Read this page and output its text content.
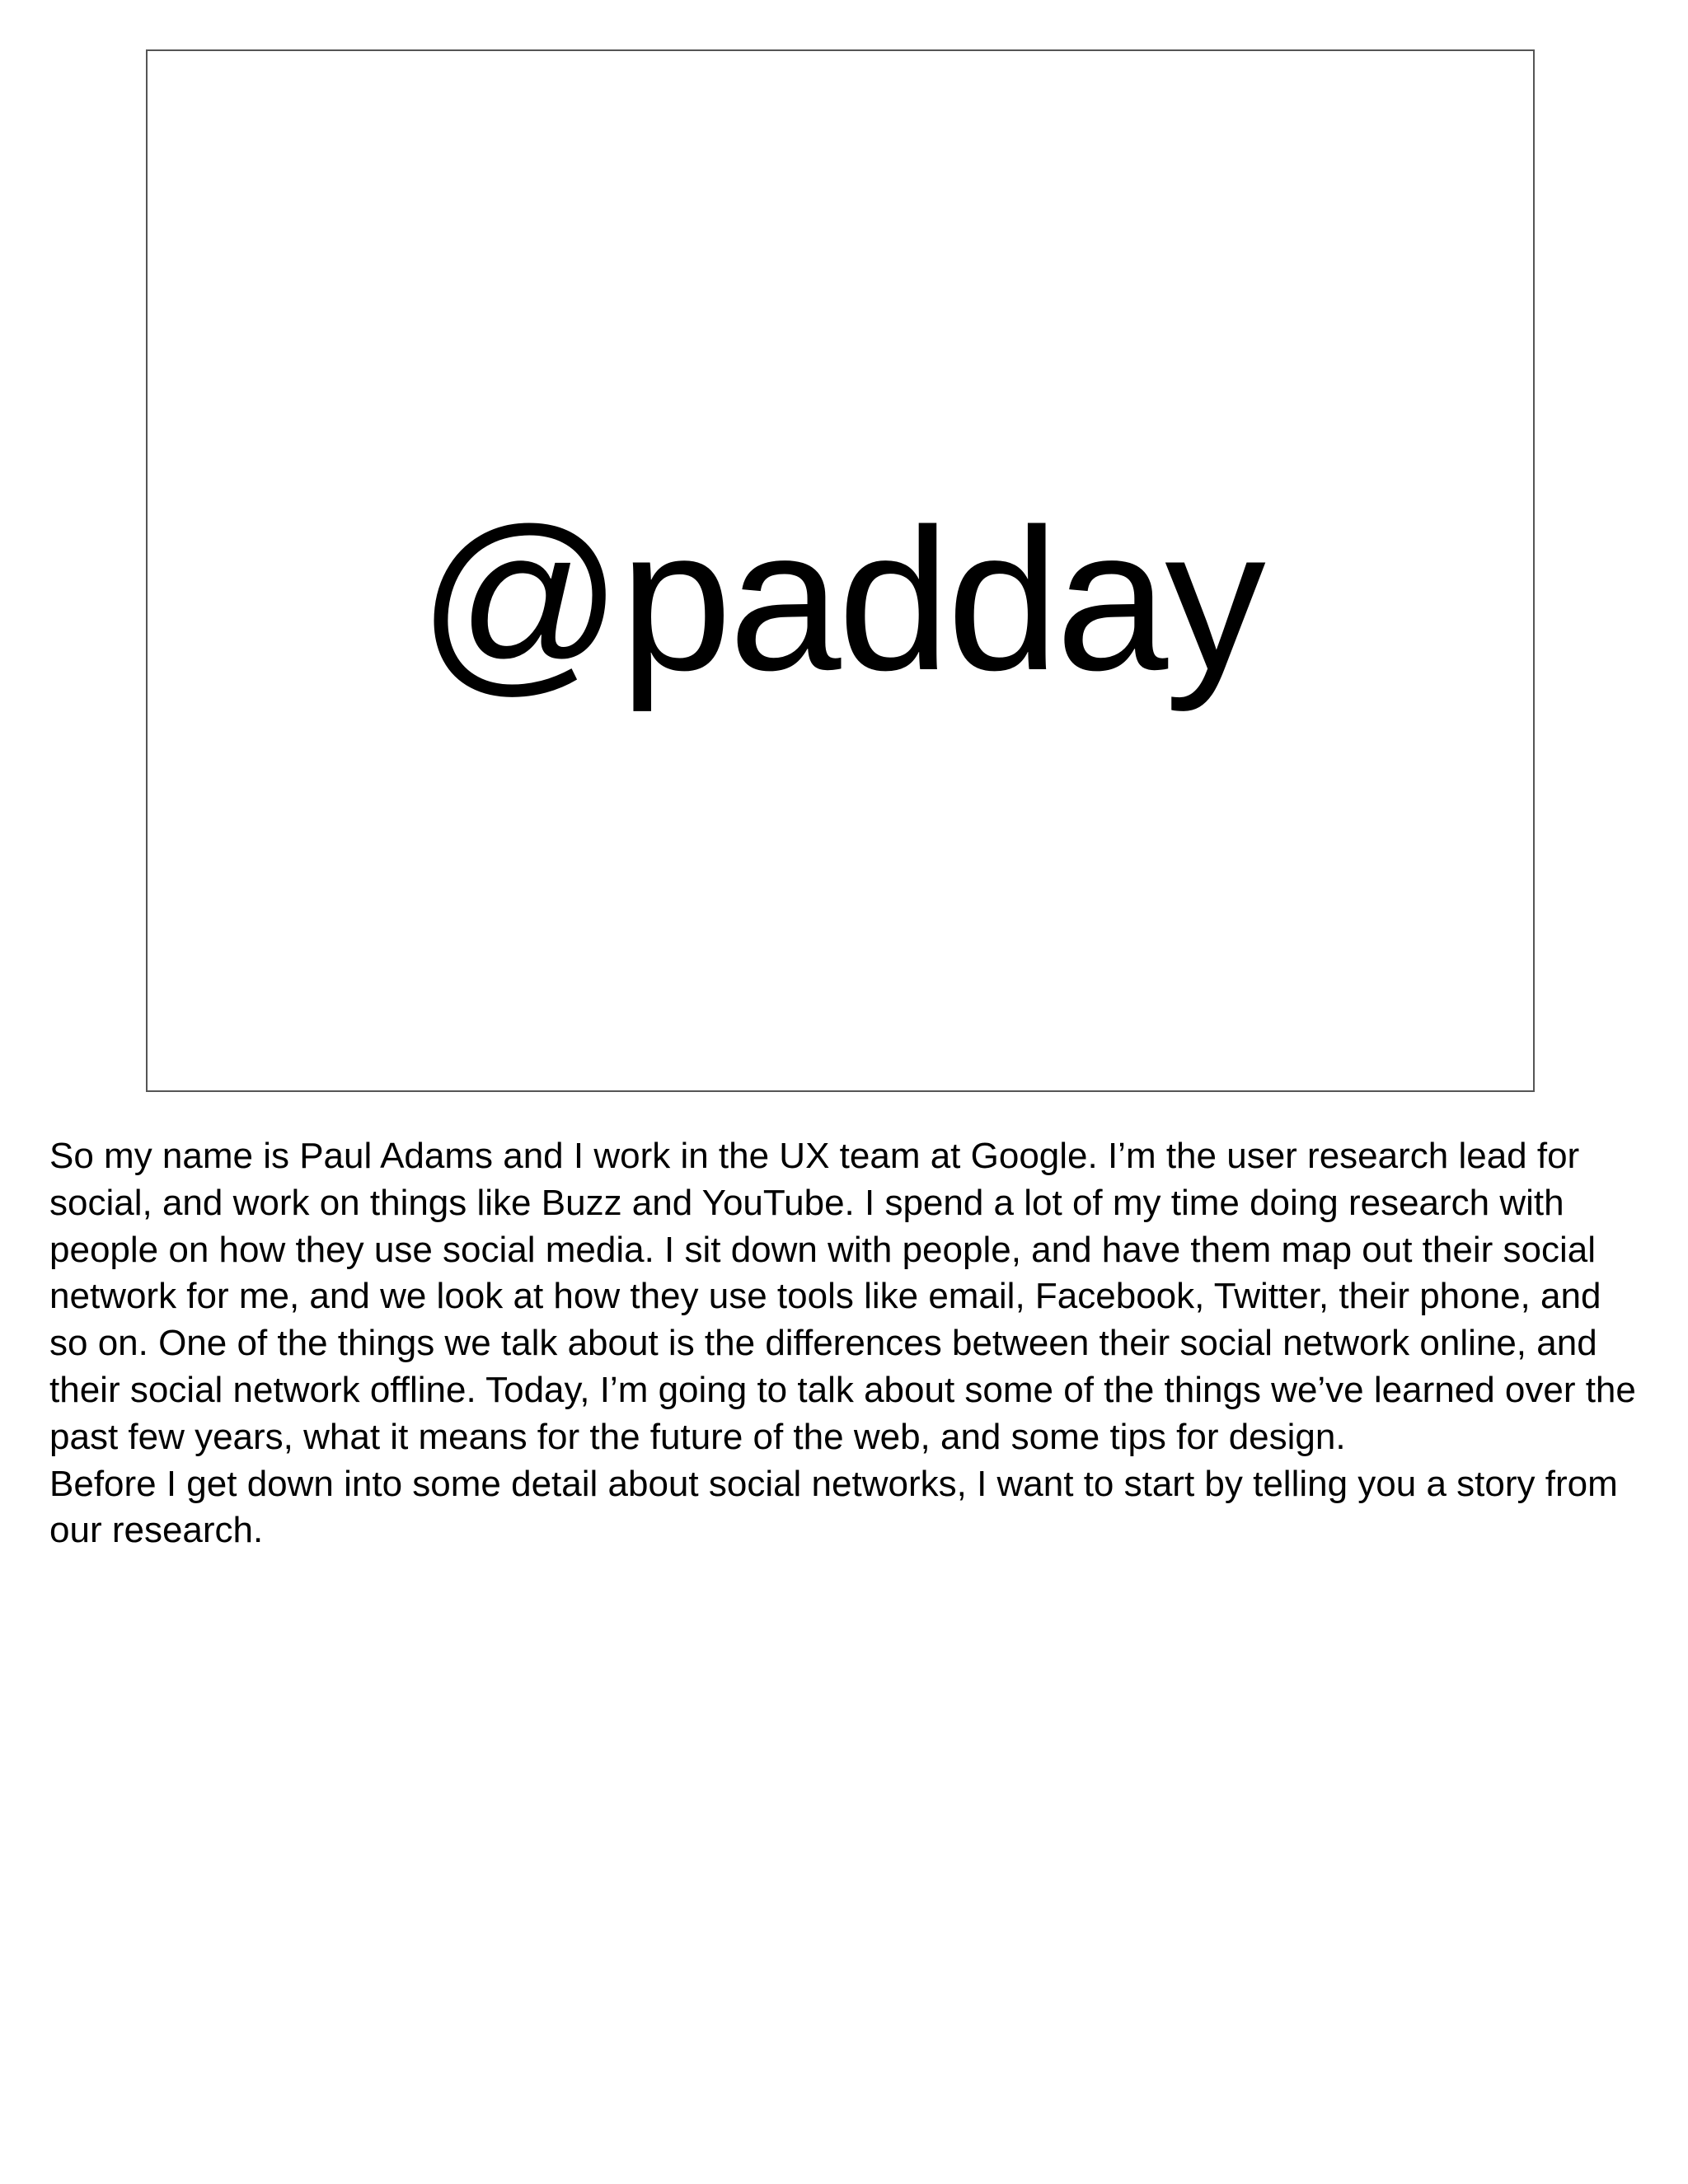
@padday

So my name is Paul Adams and I work in the UX team at Google. I’m the user research lead for social, and work on things like Buzz and YouTube. I spend a lot of my time doing research with people on how they use social media. I sit down with people, and have them map out their social network for me, and we look at how they use tools like email, Facebook, Twitter, their phone, and so on. One of the things we talk about is the differences between their social network online, and their social network offline. Today, I’m going to talk about some of the things we’ve learned over the past few years, what it means for the future of the web, and some tips for design.

Before I get down into some detail about social networks, I want to start by telling you a story from our research.
